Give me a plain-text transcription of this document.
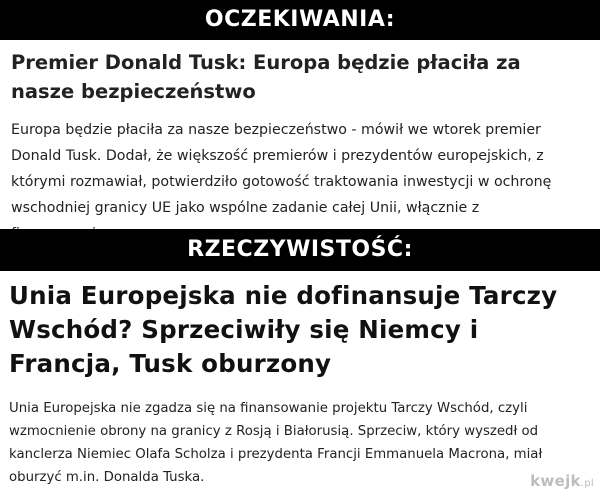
OCZEKIWANIA:
Premier Donald Tusk: Europa będzie płaciła za nasze bezpieczeństwo
Europa będzie płaciła za nasze bezpieczeństwo - mówił we wtorek premier Donald Tusk. Dodał, że większość premierów i prezydentów europejskich, z którymi rozmawiał, potwierdziło gotowość traktowania inwestycji w ochronę wschodniej granicy UE jako wspólne zadanie całej Unii, włącznie z
RZECZYWISTOŚĆ:
Unia Europejska nie dofinansuje Tarczy Wschód? Sprzeciwiły się Niemcy i Francja, Tusk oburzony
Unia Europejska nie zgadza się na finansowanie projektu Tarczy Wschód, czyli wzmocnienie obrony na granicy z Rosją i Białorusią. Sprzeciw, który wyszedł od kanclerza Niemiec Olafa Scholza i prezydenta Francji Emmanuela Macrona, miał oburzyć m.in. Donalda Tuska.	kwejk.pl
